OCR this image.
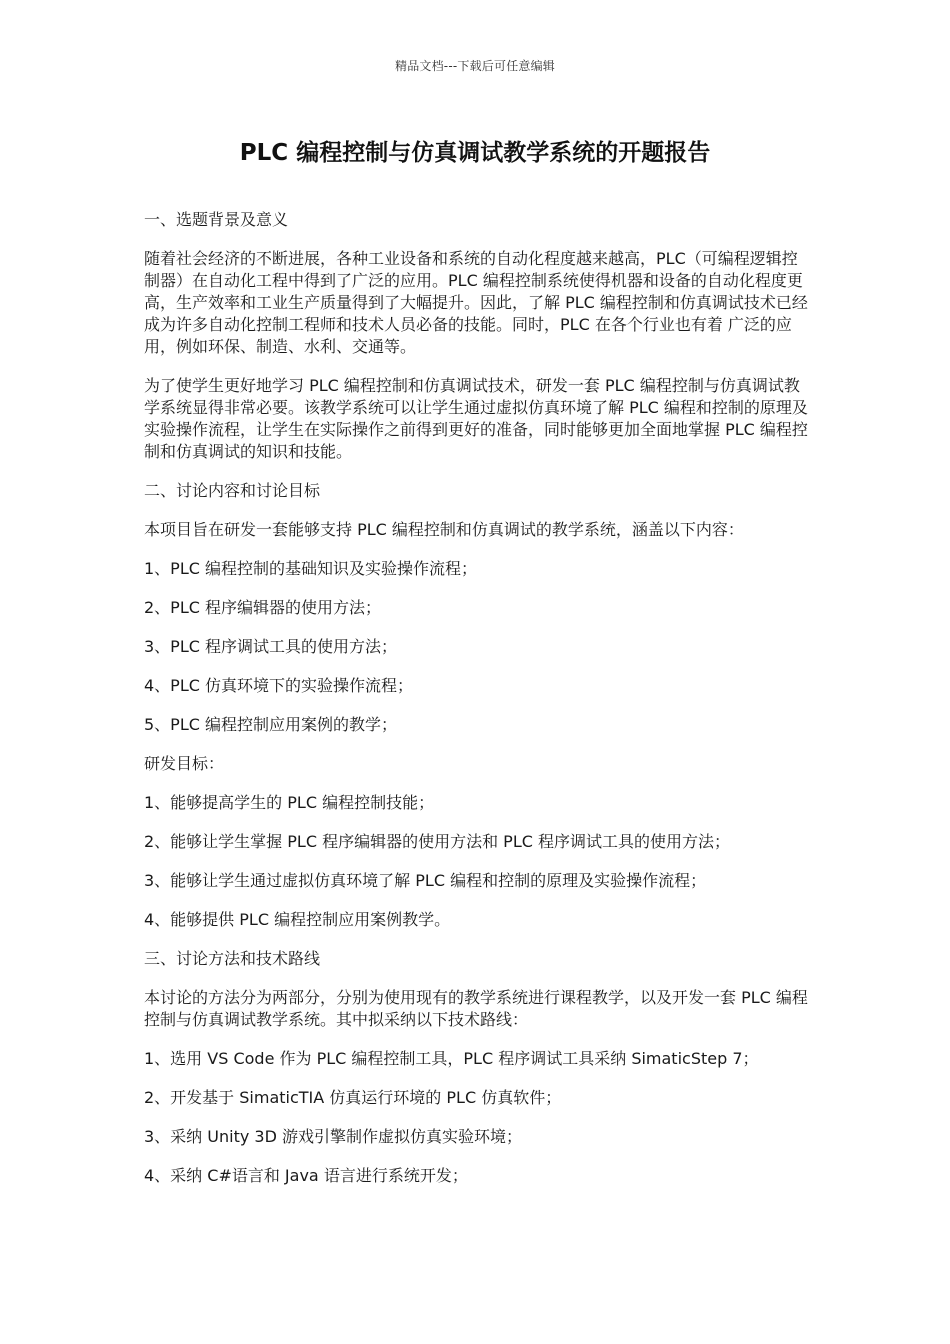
精品文档---下载后可任意编辑
PLC 编程控制与仿真调试教学系统的开题报告
一、选题背景及意义
随着社会经济的不断进展，各种工业设备和系统的自动化程度越来越高，PLC（可编程逻辑控制器）在自动化工程中得到了广泛的应用。PLC 编程控制系统使得机器和设备的自动化程度更高，生产效率和工业生产质量得到了大幅提升。因此，了解 PLC 编程控制和仿真调试技术已经成为许多自动化控制工程师和技术人员必备的技能。同时，PLC 在各个行业也有着 广泛的应用，例如环保、制造、水利、交通等。
为了使学生更好地学习 PLC 编程控制和仿真调试技术，研发一套 PLC 编程控制与仿真调试教学系统显得非常必要。该教学系统可以让学生通过虚拟仿真环境了解 PLC 编程和控制的原理及实验操作流程，让学生在实际操作之前得到更好的准备，同时能够更加全面地掌握 PLC 编程控制和仿真调试的知识和技能。
二、讨论内容和讨论目标
本项目旨在研发一套能够支持 PLC 编程控制和仿真调试的教学系统，涵盖以下内容：
1、PLC 编程控制的基础知识及实验操作流程；
2、PLC 程序编辑器的使用方法；
3、PLC 程序调试工具的使用方法；
4、PLC 仿真环境下的实验操作流程；
5、PLC 编程控制应用案例的教学；
研发目标：
1、能够提高学生的 PLC 编程控制技能；
2、能够让学生掌握 PLC 程序编辑器的使用方法和 PLC 程序调试工具的使用方法；
3、能够让学生通过虚拟仿真环境了解 PLC 编程和控制的原理及实验操作流程；
4、能够提供 PLC 编程控制应用案例教学。
三、讨论方法和技术路线
本讨论的方法分为两部分，分别为使用现有的教学系统进行课程教学，以及开发一套 PLC 编程控制与仿真调试教学系统。其中拟采纳以下技术路线：
1、选用 VS Code 作为 PLC 编程控制工具，PLC 程序调试工具采纳 SimaticStep 7；
2、开发基于 SimaticTIA 仿真运行环境的 PLC 仿真软件；
3、采纳 Unity 3D 游戏引擎制作虚拟仿真实验环境；
4、采纳 C#语言和 Java 语言进行系统开发；
